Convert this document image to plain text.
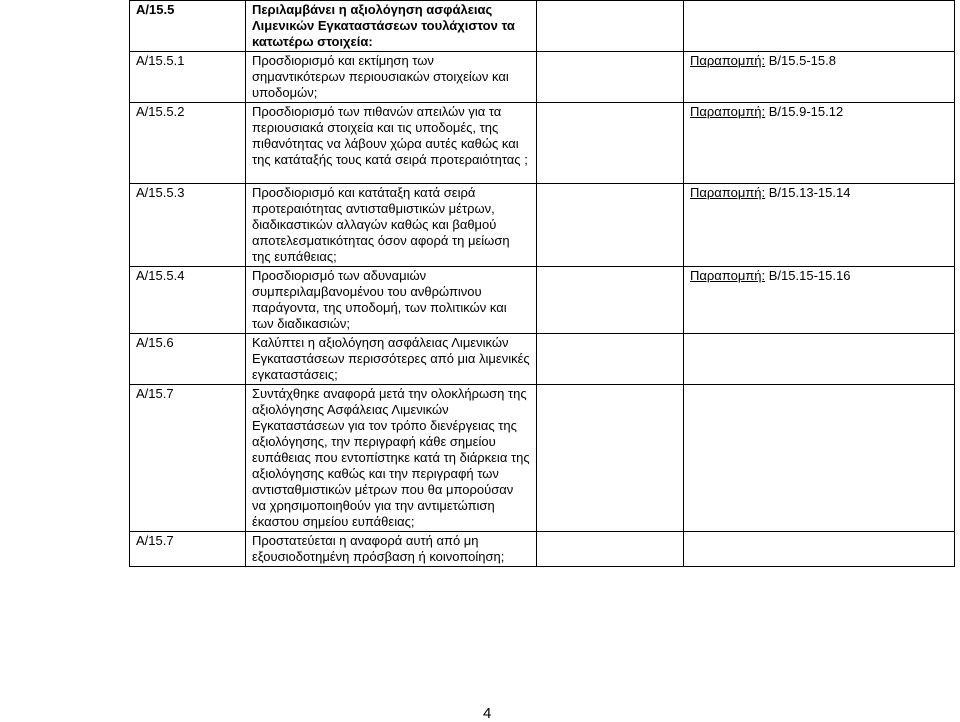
Α/15.5	Περιλαμβάνει η αξιολόγηση ασφάλειας Λιμενικών Εγκαταστάσεων τουλάχιστον τα κατωτέρω στοιχεία:		
Α/15.5.1	Προσδιορισμό και εκτίμηση των σημαντικότερων περιουσιακών στοιχείων και υποδομών;		Παραπομπή: Β/15.5-15.8
Α/15.5.2	Προσδιορισμό των πιθανών απειλών για τα περιουσιακά στοιχεία και τις υποδομές, της πιθανότητας να λάβουν χώρα αυτές καθώς και της κατάταξής τους κατά σειρά προτεραιότητας ;		Παραπομπή: Β/15.9-15.12
Α/15.5.3	Προσδιορισμό και κατάταξη κατά σειρά προτεραιότητας αντισταθμιστικών μέτρων, διαδικαστικών αλλαγών καθώς και βαθμού αποτελεσματικότητας όσον αφορά τη μείωση της ευπάθειας;		Παραπομπή: Β/15.13-15.14
Α/15.5.4	Προσδιορισμό των αδυναμιών συμπεριλαμβανομένου του ανθρώπινου παράγοντα, της υποδομή, των πολιτικών και των διαδικασιών;		Παραπομπή: Β/15.15-15.16
Α/15.6	Καλύπτει η αξιολόγηση ασφάλειας Λιμενικών Εγκαταστάσεων περισσότερες από μια λιμενικές εγκαταστάσεις;		
Α/15.7	Συντάχθηκε αναφορά μετά την ολοκλήρωση της αξιολόγησης Ασφάλειας Λιμενικών Εγκαταστάσεων για τον τρόπο διενέργειας της αξιολόγησης, την περιγραφή κάθε σημείου ευπάθειας που εντοπίστηκε κατά τη διάρκεια της αξιολόγησης καθώς και την περιγραφή των αντισταθμιστικών μέτρων που θα μπορούσαν να χρησιμοποιηθούν για την αντιμετώπιση έκαστου σημείου ευπάθειας;		
Α/15.7	Προστατεύεται η αναφορά αυτή από μη εξουσιοδοτημένη πρόσβαση ή κοινοποίηση;		
4
